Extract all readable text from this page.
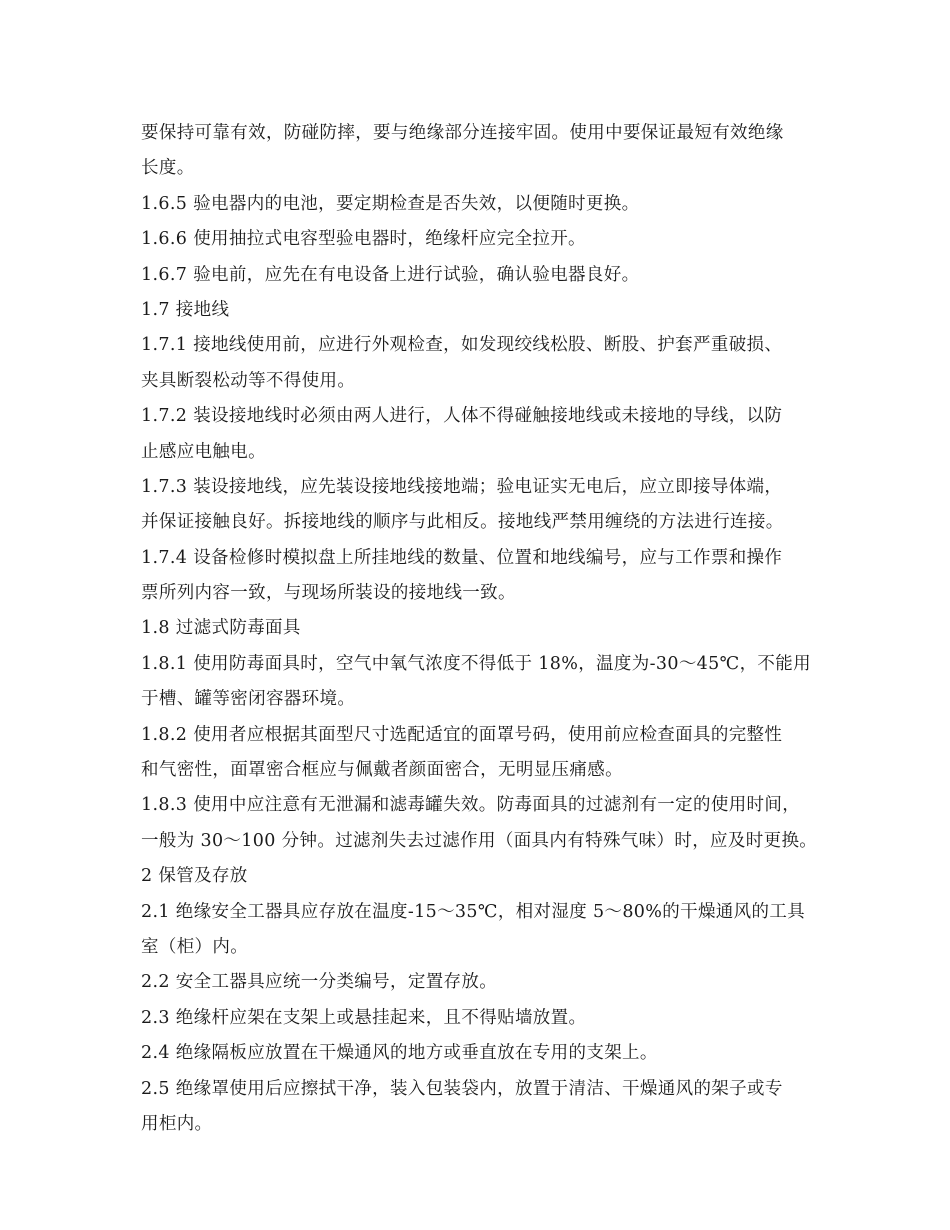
要保持可靠有效，防碰防摔，要与绝缘部分连接牢固。使用中要保证最短有效绝缘
长度。
1.6.5 验电器内的电池，要定期检查是否失效，以便随时更换。
1.6.6 使用抽拉式电容型验电器时，绝缘杆应完全拉开。
1.6.7 验电前，应先在有电设备上进行试验，确认验电器良好。
1.7 接地线
1.7.1 接地线使用前，应进行外观检查，如发现绞线松股、断股、护套严重破损、
夹具断裂松动等不得使用。
1.7.2 装设接地线时必须由两人进行，人体不得碰触接地线或未接地的导线，以防
止感应电触电。
1.7.3 装设接地线，应先装设接地线接地端；验电证实无电后，应立即接导体端，
并保证接触良好。拆接地线的顺序与此相反。接地线严禁用缠绕的方法进行连接。
1.7.4 设备检修时模拟盘上所挂地线的数量、位置和地线编号，应与工作票和操作
票所列内容一致，与现场所装设的接地线一致。
1.8 过滤式防毒面具
1.8.1 使用防毒面具时，空气中氧气浓度不得低于 18%，温度为-30～45℃，不能用
于槽、罐等密闭容器环境。
1.8.2 使用者应根据其面型尺寸选配适宜的面罩号码，使用前应检查面具的完整性
和气密性，面罩密合框应与佩戴者颜面密合，无明显压痛感。
1.8.3 使用中应注意有无泄漏和滤毒罐失效。防毒面具的过滤剂有一定的使用时间，
一般为 30～100 分钟。过滤剂失去过滤作用（面具内有特殊气味）时，应及时更换。
2 保管及存放
2.1 绝缘安全工器具应存放在温度-15～35℃，相对湿度 5～80%的干燥通风的工具
室（柜）内。
2.2 安全工器具应统一分类编号，定置存放。
2.3 绝缘杆应架在支架上或悬挂起来，且不得贴墙放置。
2.4 绝缘隔板应放置在干燥通风的地方或垂直放在专用的支架上。
2.5 绝缘罩使用后应擦拭干净，装入包装袋内，放置于清洁、干燥通风的架子或专
用柜内。
